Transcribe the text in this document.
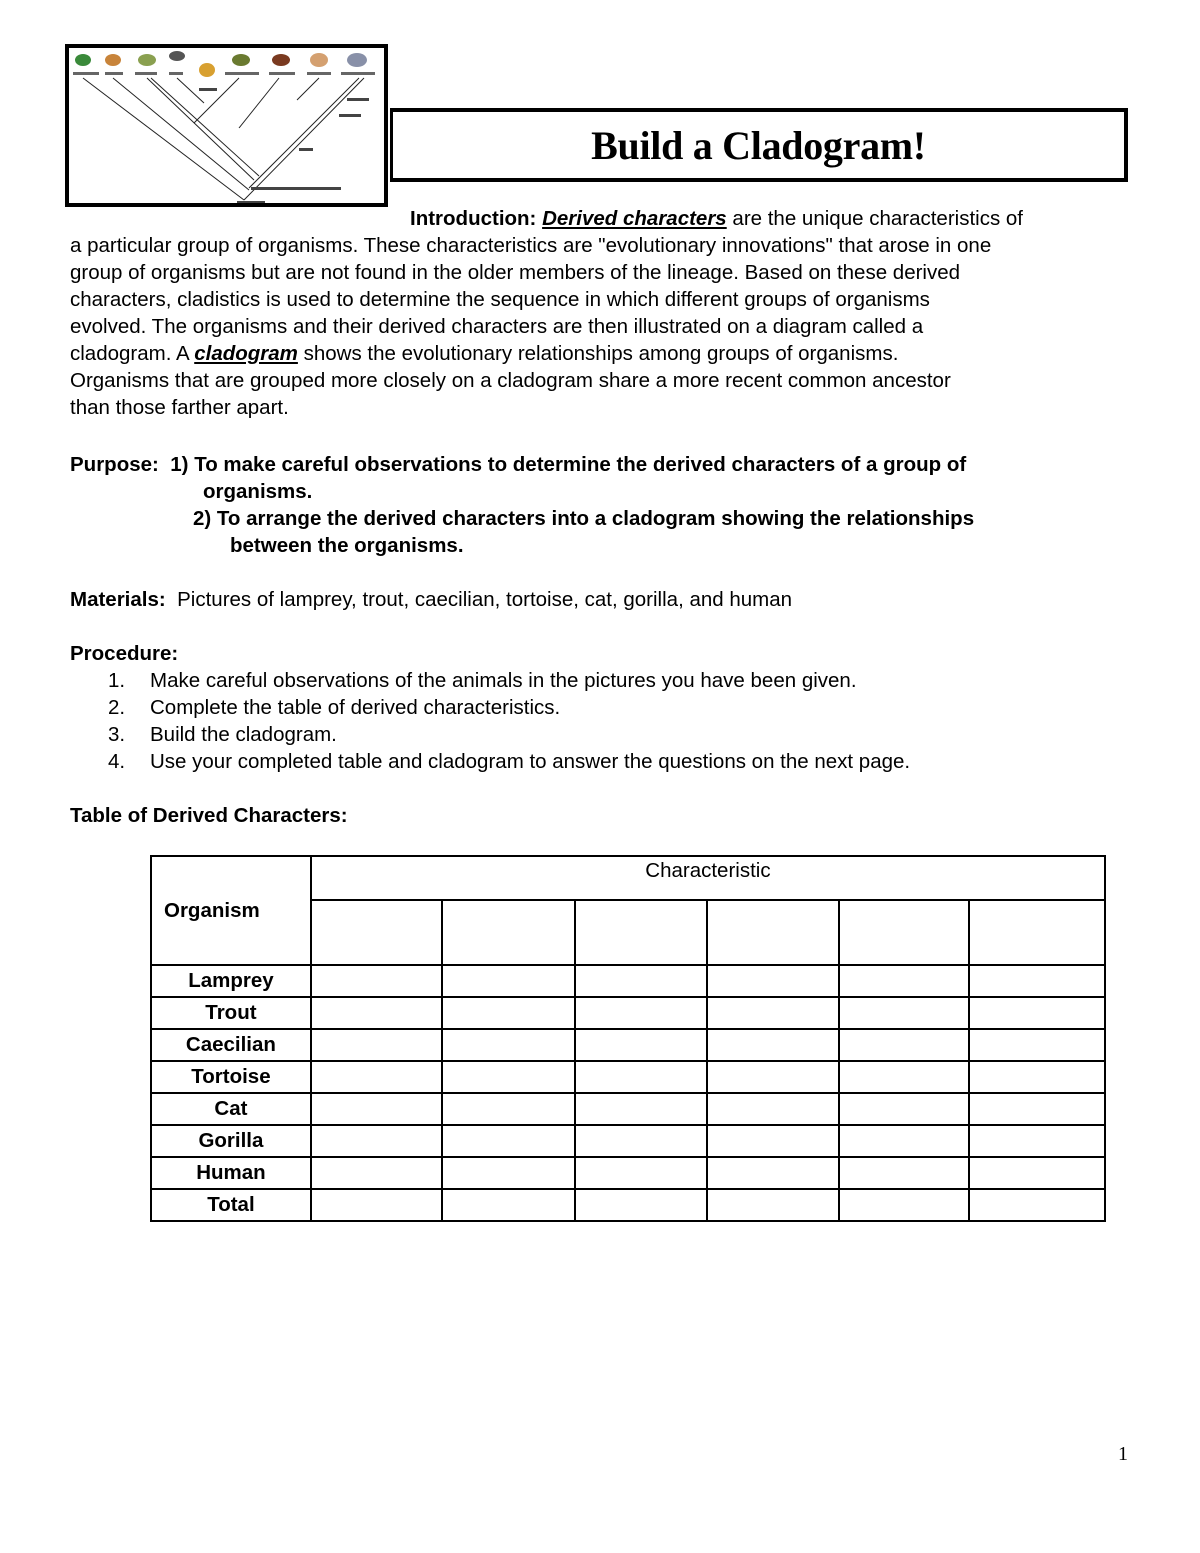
Build a Cladogram!
Introduction: Derived characters are the unique characteristics of
a particular group of organisms. These characteristics are "evolutionary innovations" that arose in one
group of organisms but are not found in the older members of the lineage. Based on these derived
characters, cladistics is used to determine the sequence in which different groups of organisms
evolved. The organisms and their derived characters are then illustrated on a diagram called a
cladogram. A cladogram shows the evolutionary relationships among groups of organisms.
Organisms that are grouped more closely on a cladogram share a more recent common ancestor
than those farther apart.
Purpose: 1) To make careful observations to determine the derived characters of a group of
organisms.
2) To arrange the derived characters into a cladogram showing the relationships
between the organisms.
Materials: Pictures of lamprey, trout, caecilian, tortoise, cat, gorilla, and human
Procedure:
1.	Make careful observations of the animals in the pictures you have been given.
2.	Complete the table of derived characteristics.
3.	Build the cladogram.
4.	Use your completed table and cladogram to answer the questions on the next page.
Table of Derived Characters:
Organism	Characteristic					

Lamprey						
Trout						
Caecilian						
Tortoise						
Cat						
Gorilla						
Human						
Total						
1
